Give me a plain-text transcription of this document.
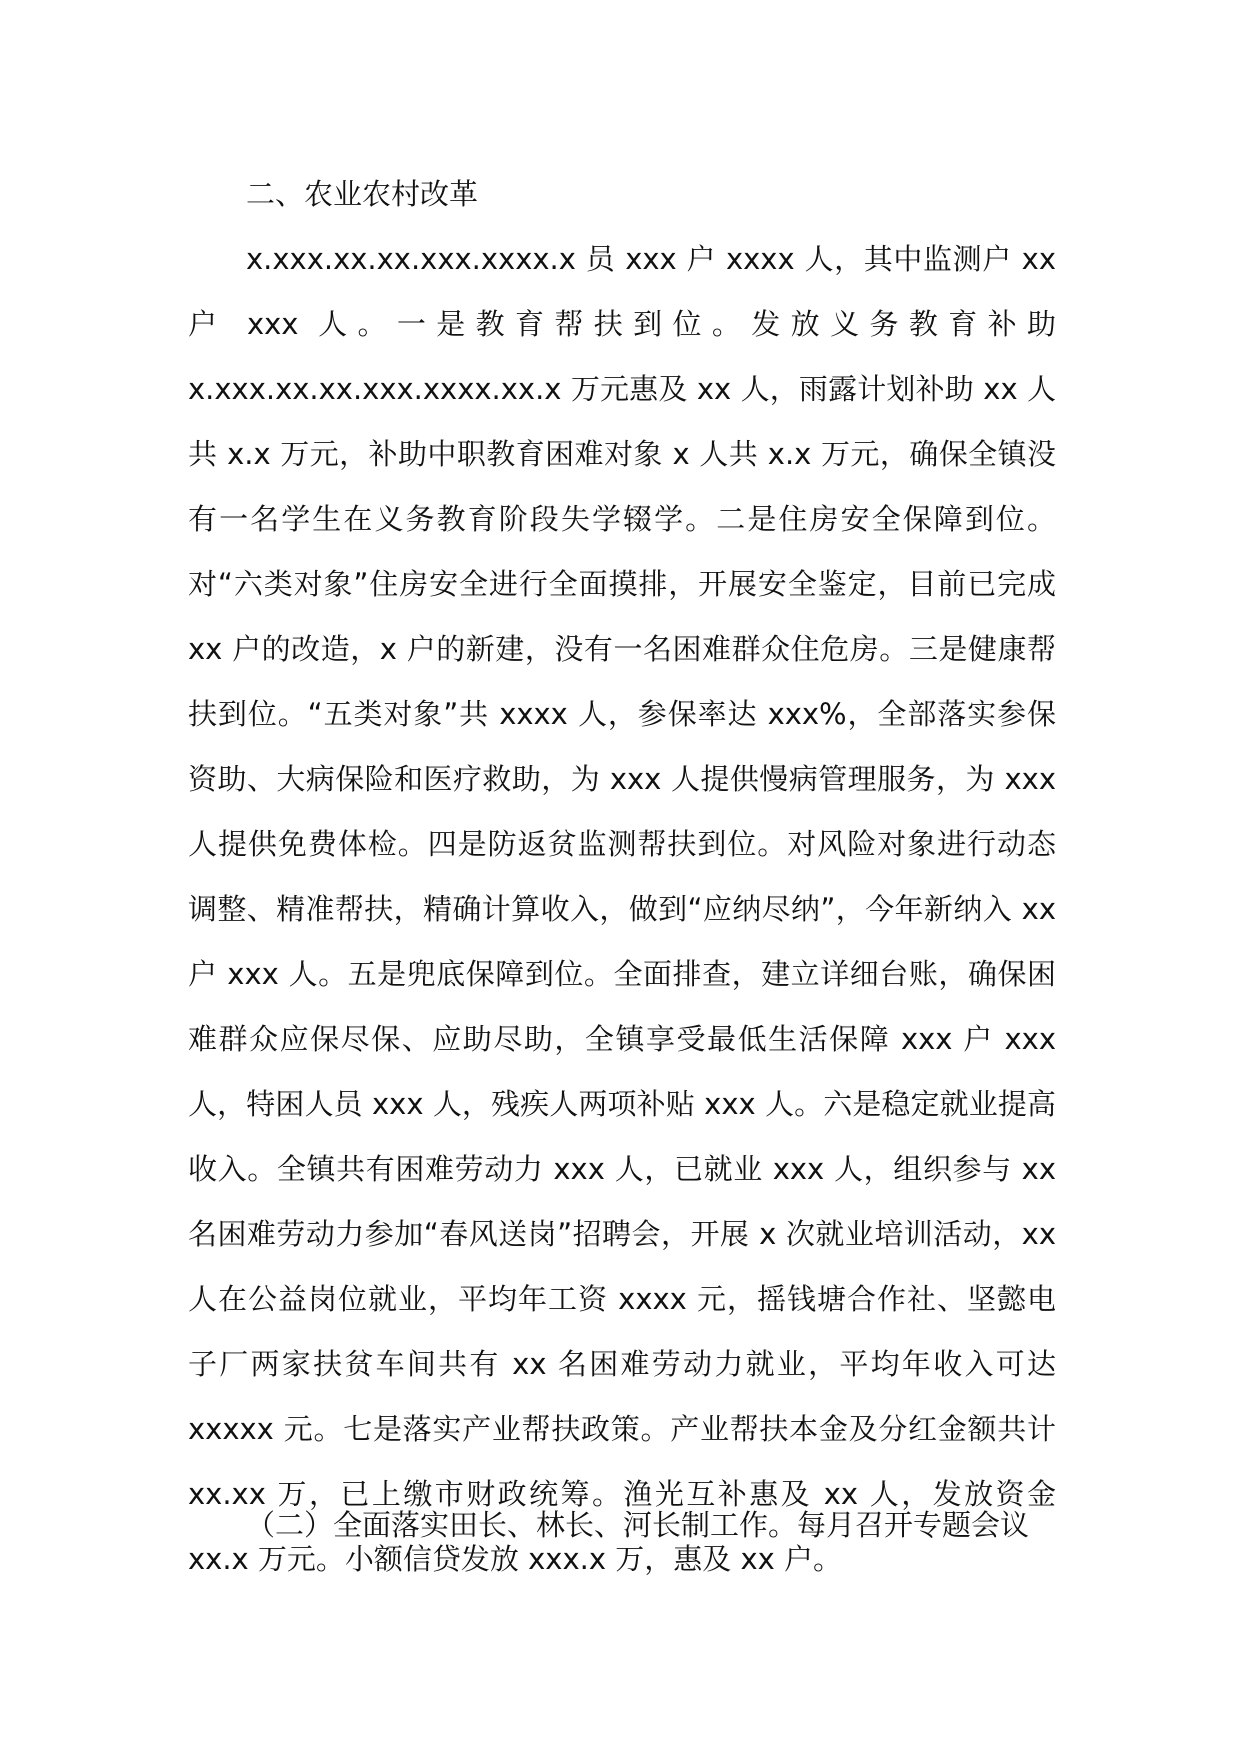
二、农业农村改革

x.xxx.xx.xx.xxx.xxxx.x 员 xxx 户 xxxx 人，其中监测户 xx 户 xxx 人。一是教育帮扶到位。发放义务教育补助 x.xxx.xx.xx.xxx.xxxx.xx.x 万元惠及 xx 人，雨露计划补助 xx 人共 x.x 万元，补助中职教育困难对象 x 人共 x.x 万元，确保全镇没有一名学生在义务教育阶段失学辍学。二是住房安全保障到位。对“六类对象”住房安全进行全面摸排，开展安全鉴定，目前已完成 xx 户的改造，x 户的新建，没有一名困难群众住危房。三是健康帮扶到位。“五类对象”共 xxxx 人，参保率达 xxx%，全部落实参保资助、大病保险和医疗救助，为 xxx 人提供慢病管理服务，为 xxx 人提供免费体检。四是防返贫监测帮扶到位。对风险对象进行动态调整、精准帮扶，精确计算收入，做到“应纳尽纳”，今年新纳入 xx 户 xxx 人。五是兜底保障到位。全面排查，建立详细台账，确保困难群众应保尽保、应助尽助，全镇享受最低生活保障 xxx 户 xxx 人，特困人员 xxx 人，残疾人两项补贴 xxx 人。六是稳定就业提高收入。全镇共有困难劳动力 xxx 人，已就业 xxx 人，组织参与 xx 名困难劳动力参加“春风送岗”招聘会，开展 x 次就业培训活动，xx 人在公益岗位就业，平均年工资 xxxx 元，摇钱塘合作社、坚懿电子厂两家扶贫车间共有 xx 名困难劳动力就业，平均年收入可达 xxxxx 元。七是落实产业帮扶政策。产业帮扶本金及分红金额共计 xx.xx 万，已上缴市财政统筹。渔光互补惠及 xx 人，发放资金 xx.x 万元。小额信贷发放 xxx.x 万，惠及 xx 户。

（二）全面落实田长、林长、河长制工作。每月召开专题会议
